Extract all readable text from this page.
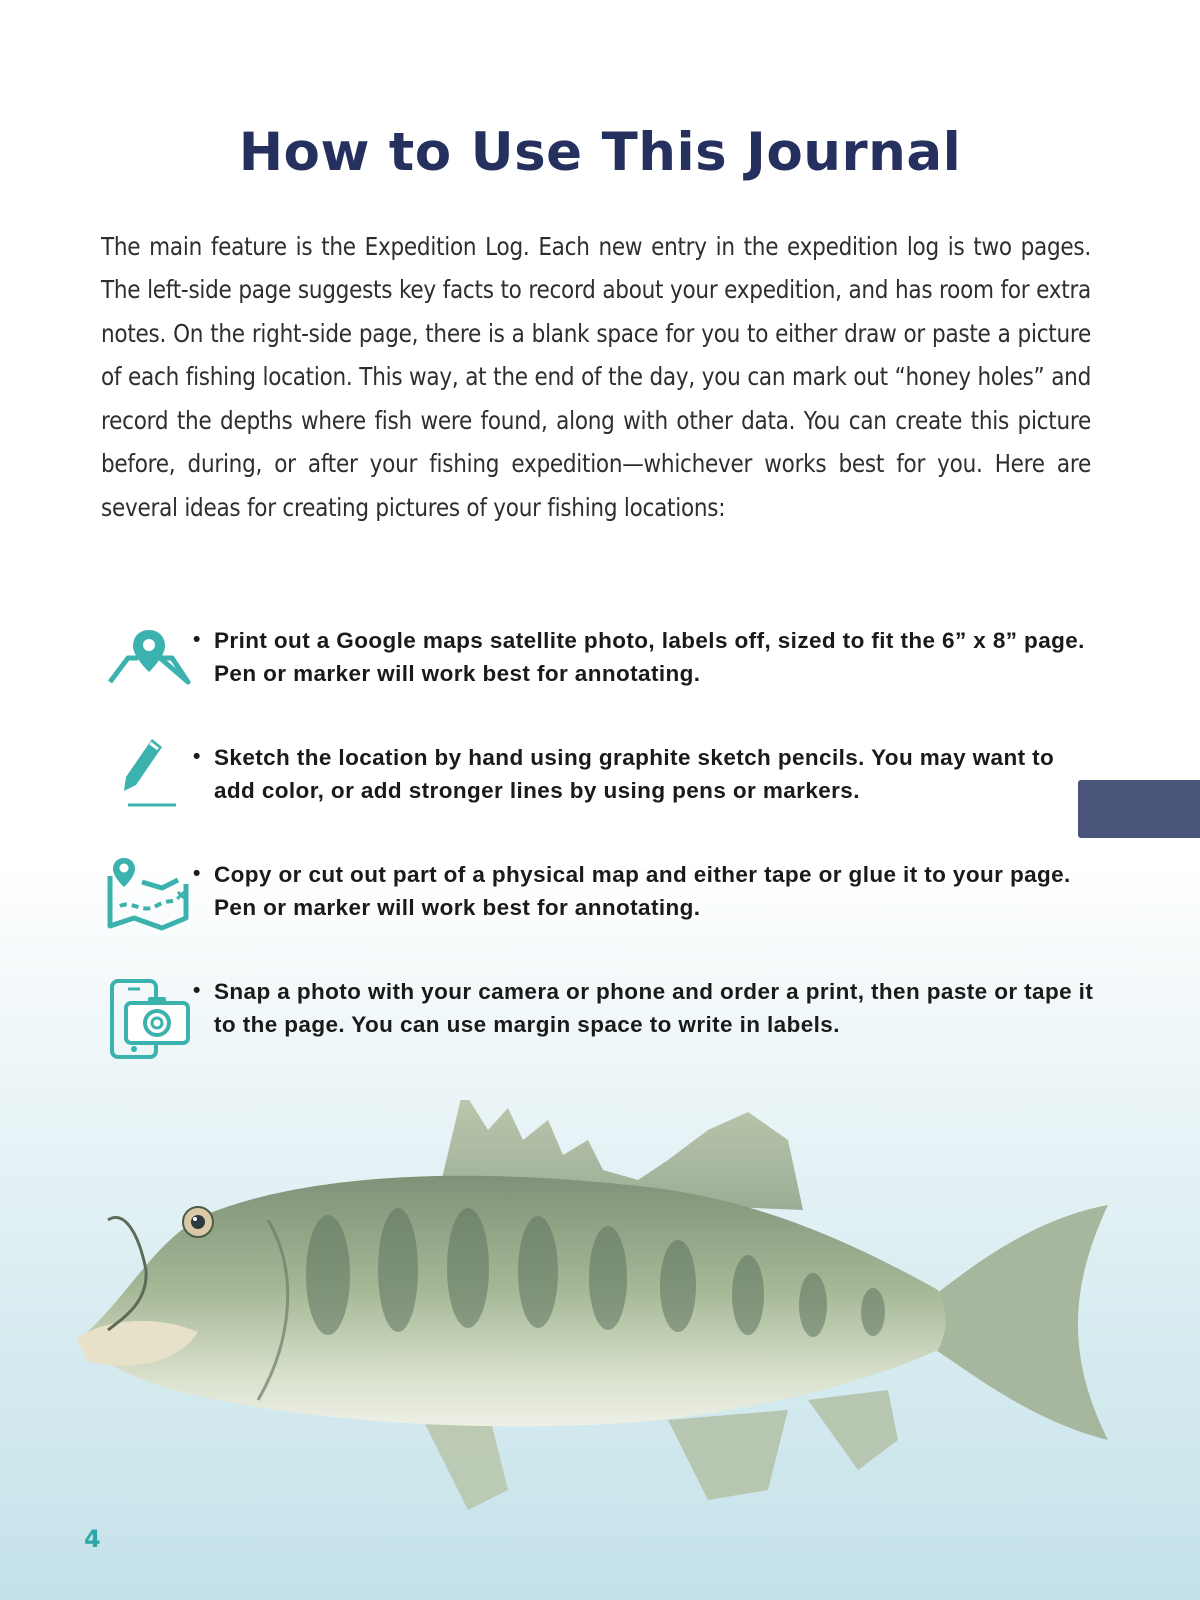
How to Use This Journal

The main feature is the Expedition Log. Each new entry in the expedition log is two pages. The left-side page suggests key facts to record about your expedition, and has room for extra notes. On the right-side page, there is a blank space for you to either draw or paste a picture of each fishing location. This way, at the end of the day, you can mark out “honey holes” and record the depths where fish were found, along with other data. You can create this picture before, during, or after your fishing expedition—whichever works best for you. Here are several ideas for creating pictures of your fishing locations:

• Print out a Google maps satellite photo, labels off, sized to fit the 6” x 8” page. Pen or marker will work best for annotating.
• Sketch the location by hand using graphite sketch pencils. You may want to add color, or add stronger lines by using pens or markers.
• Copy or cut out part of a physical map and either tape or glue it to your page. Pen or marker will work best for annotating.
• Snap a photo with your camera or phone and order a print, then paste or tape it to the page. You can use margin space to write in labels.
4
